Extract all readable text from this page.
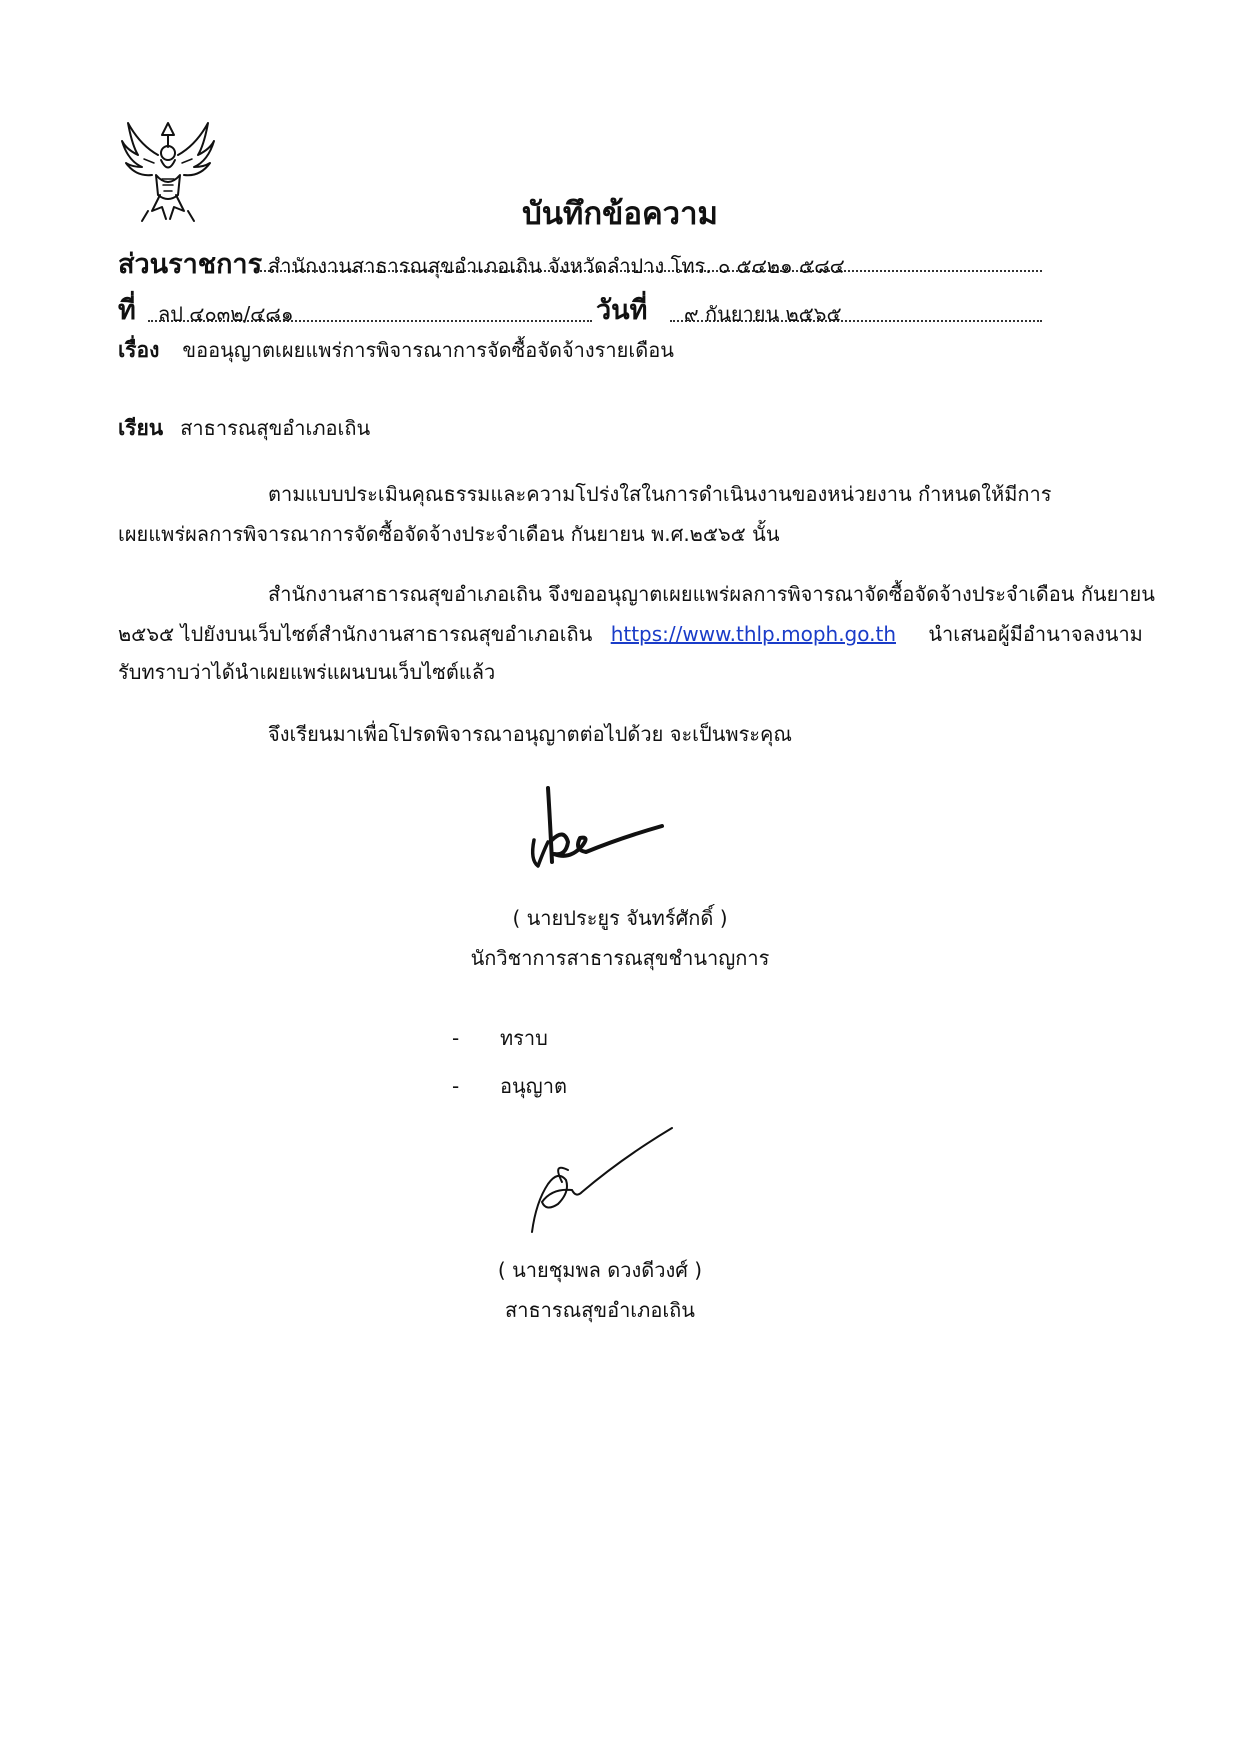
บันทึกข้อความ
ส่วนราชการ สำนักงานสาธารณสุขอำเภอเถิน จังหวัดลำปาง โทร. ๐ ๕๔๒๑ ๕๘๔
ที่ ลป ๔๐๓๒/๔๘๑	วันที่ ๙ กันยายน ๒๕๖๕
เรื่อง ขออนุญาตเผยแพร่การพิจารณาการจัดซื้อจัดจ้างรายเดือน
เรียน สาธารณสุขอำเภอเถิน
ตามแบบประเมินคุณธรรมและความโปร่งใสในการดำเนินงานของหน่วยงาน กำหนดให้มีการ
เผยแพร่ผลการพิจารณาการจัดซื้อจัดจ้างประจำเดือน กันยายน พ.ศ.๒๕๖๕ นั้น
สำนักงานสาธารณสุขอำเภอเถิน จึงขออนุญาตเผยแพร่ผลการพิจารณาจัดซื้อจัดจ้างประจำเดือน กันยายน
๒๕๖๕ ไปยังบนเว็บไซต์สำนักงานสาธารณสุขอำเภอเถิน https://www.thlp.moph.go.th นำเสนอผู้มีอำนาจลงนาม
รับทราบว่าได้นำเผยแพร่แผนบนเว็บไซต์แล้ว
จึงเรียนมาเพื่อโปรดพิจารณาอนุญาตต่อไปด้วย จะเป็นพระคุณ
( นายประยูร จันทร์ศักดิ์ )
นักวิชาการสาธารณสุขชำนาญการ
- ทราบ
- อนุญาต
( นายชุมพล ดวงดีวงศ์ )
สาธารณสุขอำเภอเถิน
